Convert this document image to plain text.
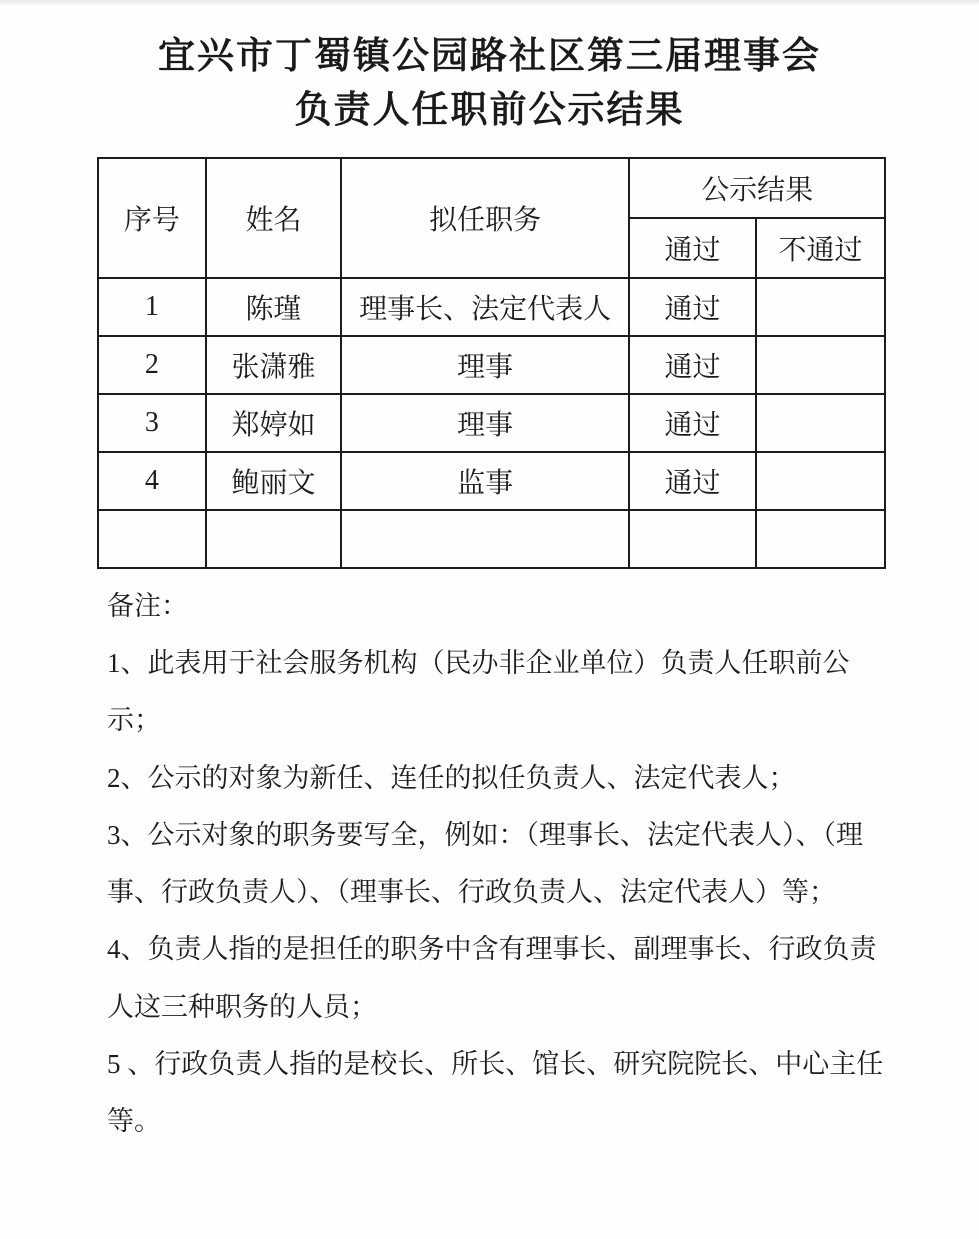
宜兴市丁蜀镇公园路社区第三届理事会
负责人任职前公示结果
序号	姓名	拟任职务	公示结果	
			通过	不通过
1	陈瑾	理事长、法定代表人	通过	
2	张潇雅	理事	通过	
3	郑婷如	理事	通过	
4	鲍丽文	监事	通过	

备注：

1、此表用于社会服务机构（民办非企业单位）负责人任职前公示；

2、公示的对象为新任、连任的拟任负责人、法定代表人；

3、公示对象的职务要写全，例如：（理事长、法定代表人）、（理事、行政负责人）、（理事长、行政负责人、法定代表人）等；

4、负责人指的是担任的职务中含有理事长、副理事长、行政负责人这三种职务的人员；

5 、行政负责人指的是校长、所长、馆长、研究院院长、中心主任等。
